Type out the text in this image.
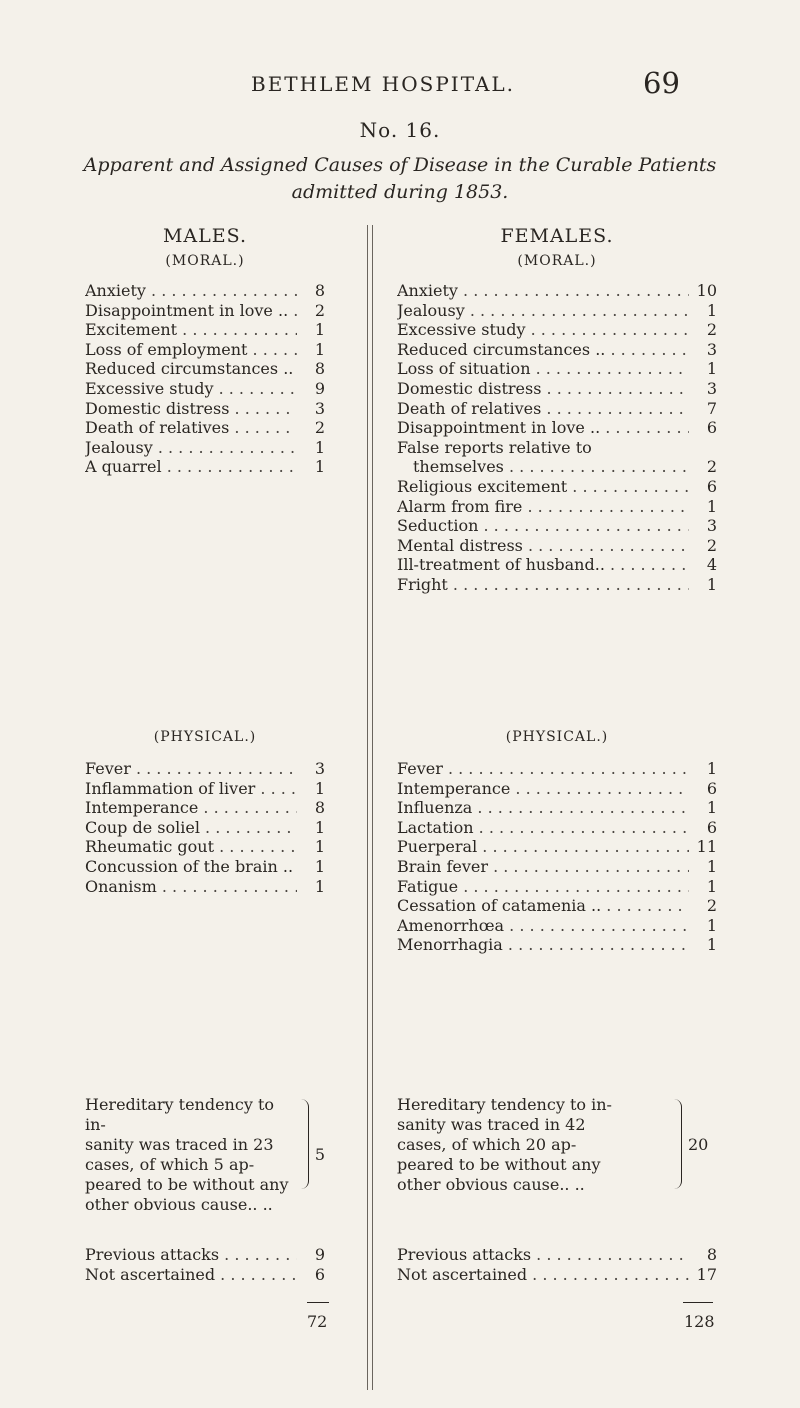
BETHLEM HOSPITAL.	69
No. 16.
Apparent and Assigned Causes of Disease in the Curable Patients
admitted during 1853.
MALES.
(MORAL.)
Anxiety . . .	8
Disappointment in love .. . . .	2
Excitement . . .	1
Loss of employment . . .	1
Reduced circumstances .. . . .	8
Excessive study . . .	9
Domestic distress . . .	3
Death of relatives . . .	2
Jealousy . . .	1
A quarrel . . .	1
(PHYSICAL.)
Fever . . .	3
Inflammation of liver . . .	1
Intemperance . . .	8
Coup de soliel . . .	1
Rheumatic gout . . .	1
Concussion of the brain .. . . .	1
Onanism . . .	1
Hereditary tendency to in-
sanity was traced in 23
cases, of which 5 ap-
peared to be without any
other obvious cause.. ..
5
Previous attacks . . .	9
Not ascertained . . .	6
72
FEMALES.
(MORAL.)
Anxiety . . .	10
Jealousy . . .	1
Excessive study . . .	2
Reduced circumstances .. . . .	3
Loss of situation . . .	1
Domestic distress . . .	3
Death of relatives . . .	7
Disappointment in love .. . . .	6
False reports relative to
themselves . . .	2
Religious excitement . . .	6
Alarm from fire . . .	1
Seduction . . .	3
Mental distress . . .	2
Ill-treatment of husband.. . . .	4
Fright . . .	1
(PHYSICAL.)
Fever . . .	1
Intemperance . . .	6
Influenza . . .	1
Lactation . . .	6
Puerperal . . .	11
Brain fever . . .	1
Fatigue . . .	1
Cessation of catamenia .. . . .	2
Amenorrhœa . . .	1
Menorrhagia . . .	1
Hereditary tendency to in-
sanity was traced in 42
cases, of which 20 ap-
peared to be without any
other obvious cause.. ..
20
Previous attacks . . .	8
Not ascertained . . .	17
128
